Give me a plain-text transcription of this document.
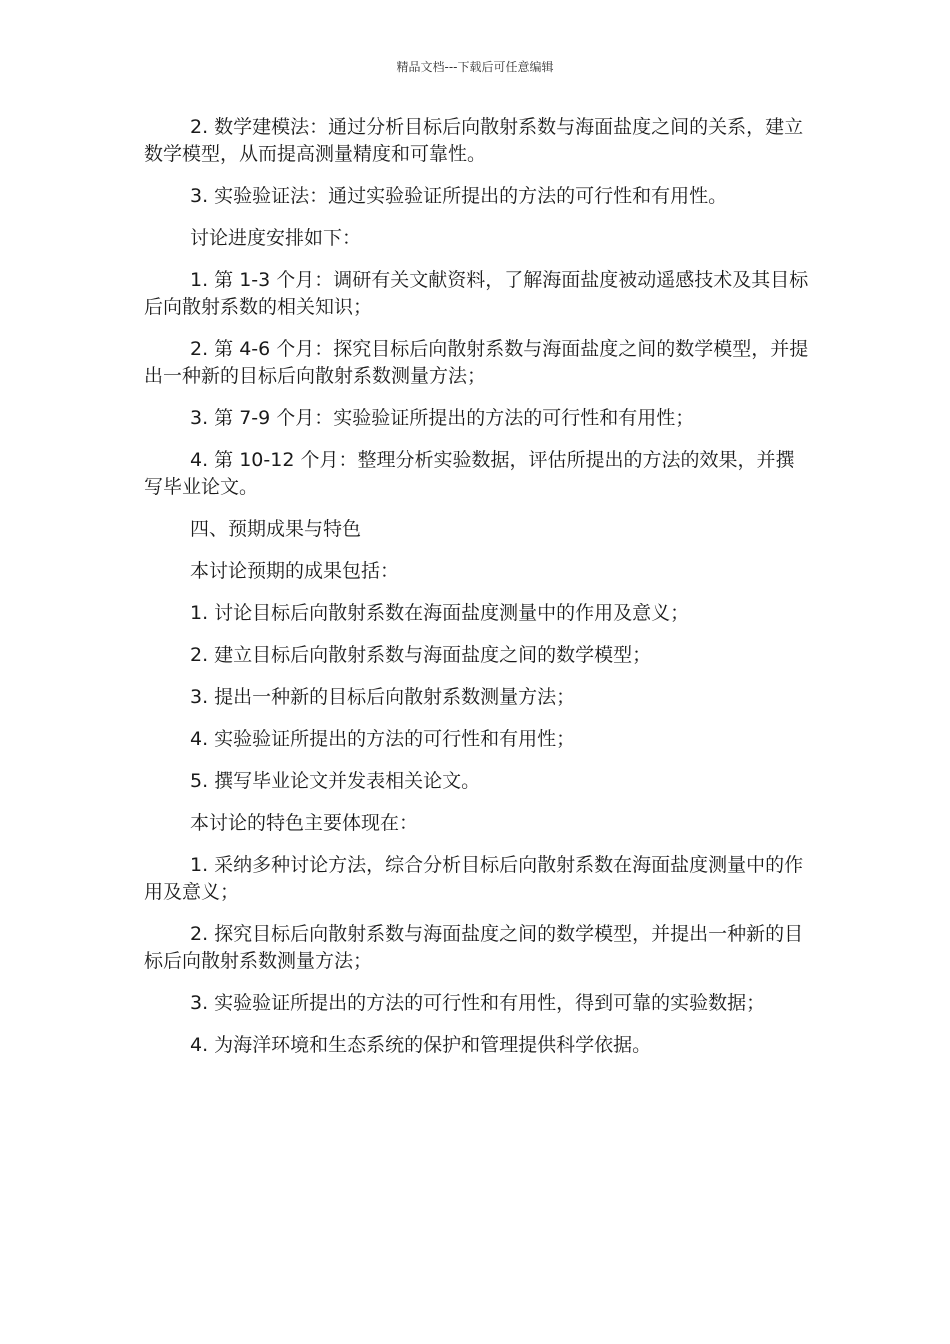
精品文档---下载后可任意编辑

2. 数学建模法：通过分析目标后向散射系数与海面盐度之间的关系，建立数学模型，从而提高测量精度和可靠性。

3. 实验验证法：通过实验验证所提出的方法的可行性和有用性。

讨论进度安排如下：

1. 第 1-3 个月：调研有关文献资料，了解海面盐度被动遥感技术及其目标后向散射系数的相关知识；

2. 第 4-6 个月：探究目标后向散射系数与海面盐度之间的数学模型，并提出一种新的目标后向散射系数测量方法；

3. 第 7-9 个月：实验验证所提出的方法的可行性和有用性；

4. 第 10-12 个月：整理分析实验数据，评估所提出的方法的效果，并撰写毕业论文。

四、预期成果与特色

本讨论预期的成果包括：

1. 讨论目标后向散射系数在海面盐度测量中的作用及意义；

2. 建立目标后向散射系数与海面盐度之间的数学模型；

3. 提出一种新的目标后向散射系数测量方法；

4. 实验验证所提出的方法的可行性和有用性；

5. 撰写毕业论文并发表相关论文。

本讨论的特色主要体现在：

1. 采纳多种讨论方法，综合分析目标后向散射系数在海面盐度测量中的作用及意义；

2. 探究目标后向散射系数与海面盐度之间的数学模型，并提出一种新的目标后向散射系数测量方法；

3. 实验验证所提出的方法的可行性和有用性，得到可靠的实验数据；

4. 为海洋环境和生态系统的保护和管理提供科学依据。
